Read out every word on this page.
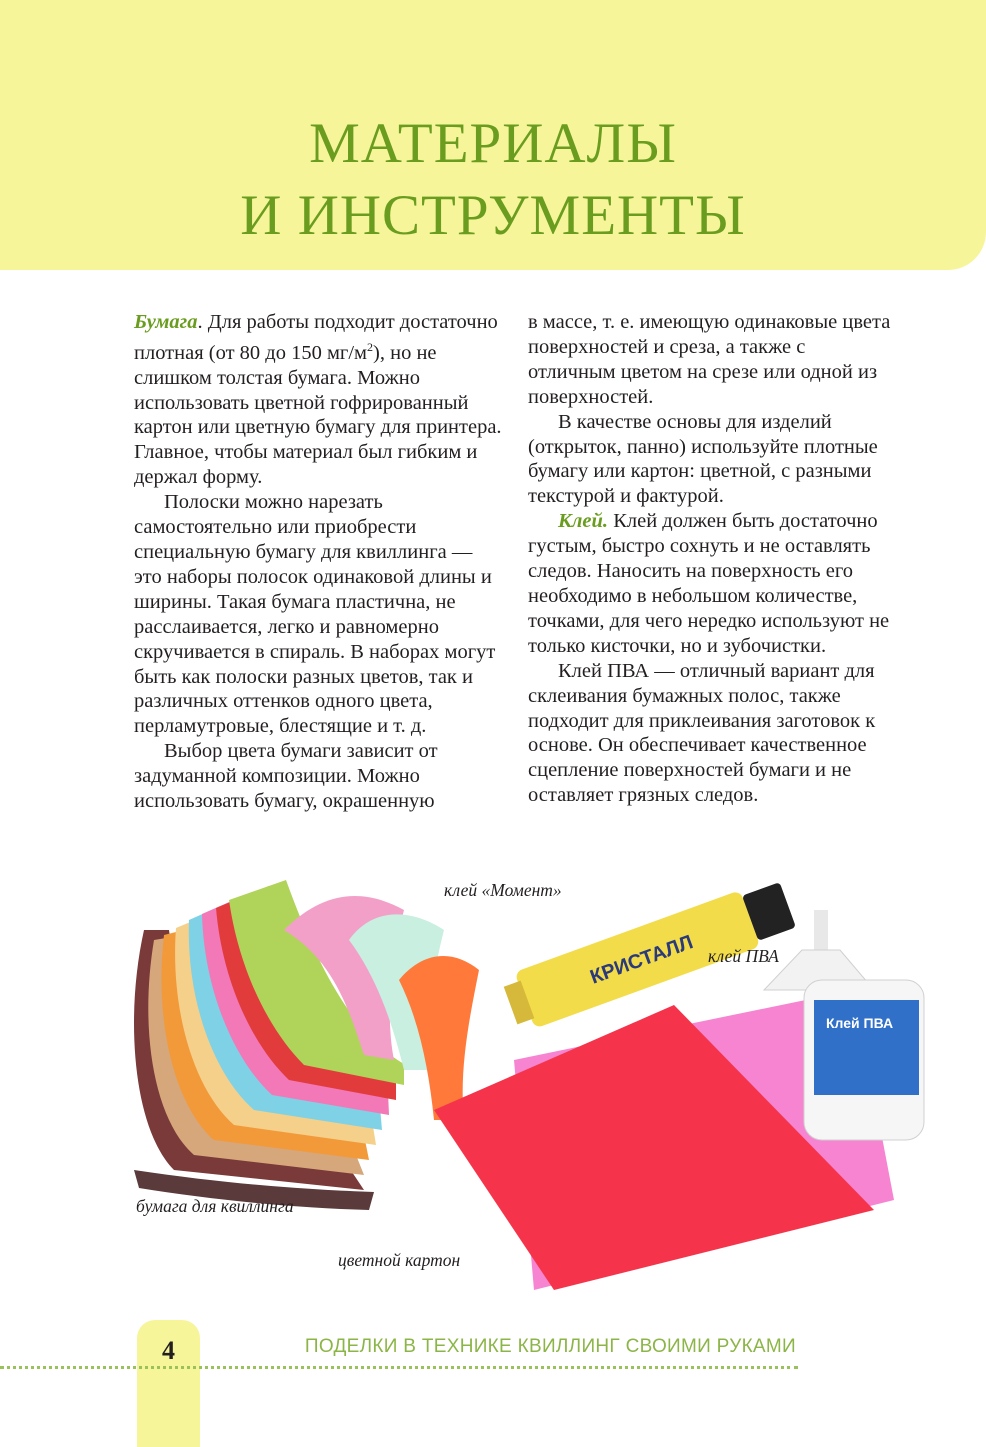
МАТЕРИАЛЫ
И ИНСТРУМЕНТЫ

Бумага. Для работы подходит достаточно плотная (от 80 до 150 $мг/м^2$), но не слишком толстая бумага. Можно использовать цветной гофрированный картон или цветную бумагу для принтера. Главное, чтобы материал был гибким и держал форму.

Полоски можно нарезать самостоятельно или приобрести специальную бумагу для квиллинга — это наборы полосок одинаковой длины и ширины. Такая бумага пластична, не расслаивается, легко и равномерно скручивается в спираль. В наборах могут быть как полоски разных цветов, так и различных оттенков одного цвета, перламутровые, блестящие и т. д.

Выбор цвета бумаги зависит от задуманной композиции. Можно использовать бумагу, окрашенную

в массе, т. е. имеющую одинаковые цвета поверхностей и среза, а также с отличным цветом на срезе или одной из поверхностей.

В качестве основы для изделий (открыток, панно) используйте плотные бумагу или картон: цветной, с разными текстурой и фактурой.

Клей. Клей должен быть достаточно густым, быстро сохнуть и не оставлять следов. Наносить на поверхность его необходимо в небольшом количестве, точками, для чего нередко используют не только кисточки, но и зубочистки.

Клей ПВА — отличный вариант для склеивания бумажных полос, также подходит для приклеивания заготовок к основе. Он обеспечивает качественное сцепление поверхностей бумаги и не оставляет грязных следов.

КРИСТАЛЛ
Клей ПВА
клей «Момент»
клей ПВА
бумага для квиллинга
цветной картон
4	ПОДЕЛКИ В ТЕХНИКЕ КВИЛЛИНГ СВОИМИ РУКАМИ
